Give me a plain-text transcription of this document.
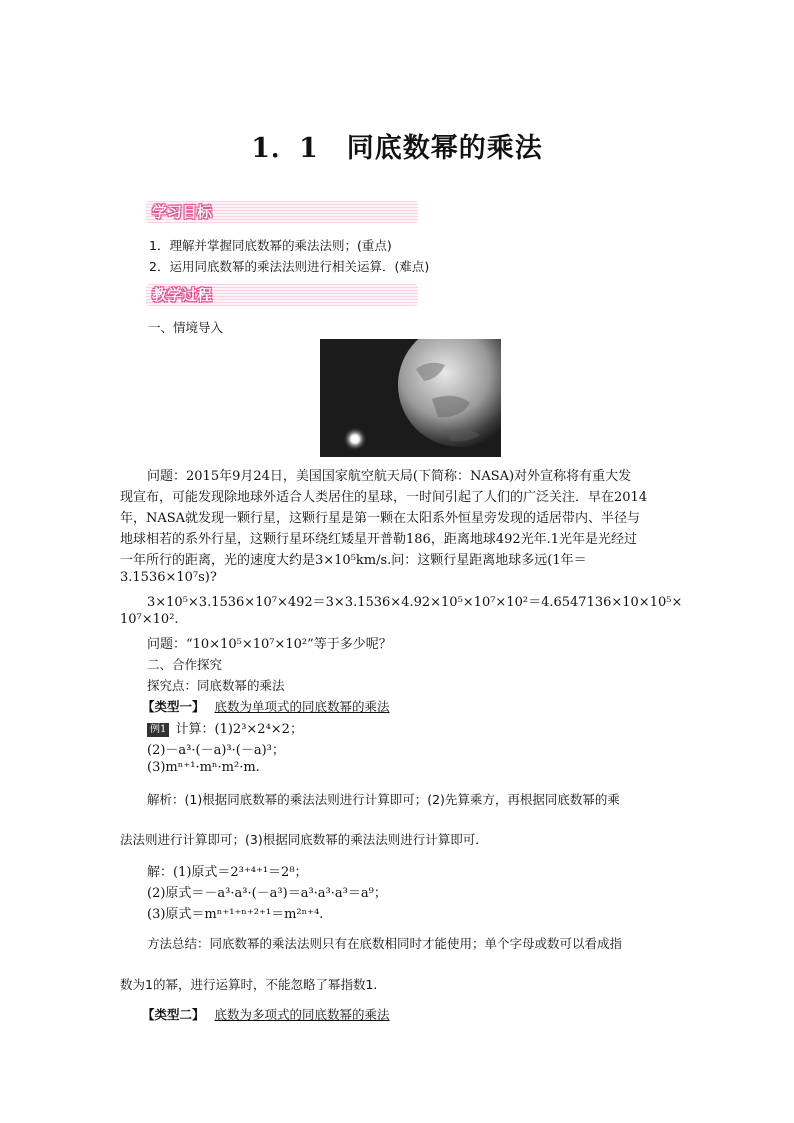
1．1　同底数幂的乘法
学习目标
1．理解并掌握同底数幂的乘法法则；(重点)
2．运用同底数幂的乘法法则进行相关运算．(难点)
教学过程
一、情境导入
问题：2015年9月24日，美国国家航空航天局(下简称：NASA)对外宣称将有重大发
现宣布，可能发现除地球外适合人类居住的星球，一时间引起了人们的广泛关注．早在2014
年，NASA就发现一颗行星，这颗行星是第一颗在太阳系外恒星旁发现的适居带内、半径与
地球相若的系外行星，这颗行星环绕红矮星开普勒186，距离地球492光年.1光年是光经过
一年所行的距离，光的速度大约是3×10⁵km/s.问：这颗行星距离地球多远(1年＝
3.1536×10⁷s)?
3×10⁵×3.1536×10⁷×492＝3×3.1536×4.92×10⁵×10⁷×10²＝4.6547136×10×10⁵×
10⁷×10².
问题：“10×10⁵×10⁷×10²”等于多少呢？
二、合作探究
探究点：同底数幂的乘法
【类型一】 底数为单项式的同底数幂的乘法
例1 计算：(1)2³×2⁴×2；
(2)－a³·(－a)³·(－a)³；
(3)mⁿ⁺¹·mⁿ·m²·m.
解析：(1)根据同底数幂的乘法法则进行计算即可；(2)先算乘方，再根据同底数幂的乘
法法则进行计算即可；(3)根据同底数幂的乘法法则进行计算即可．
解：(1)原式＝2³⁺⁴⁺¹＝2⁸；
(2)原式＝－a³·a³·(－a³)＝a³·a³·a³＝a⁹；
(3)原式＝mⁿ⁺¹⁺ⁿ⁺²⁺¹＝m²ⁿ⁺⁴.
方法总结：同底数幂的乘法法则只有在底数相同时才能使用；单个字母或数可以看成指
数为1的幂，进行运算时，不能忽略了幂指数1.
【类型二】 底数为多项式的同底数幂的乘法
